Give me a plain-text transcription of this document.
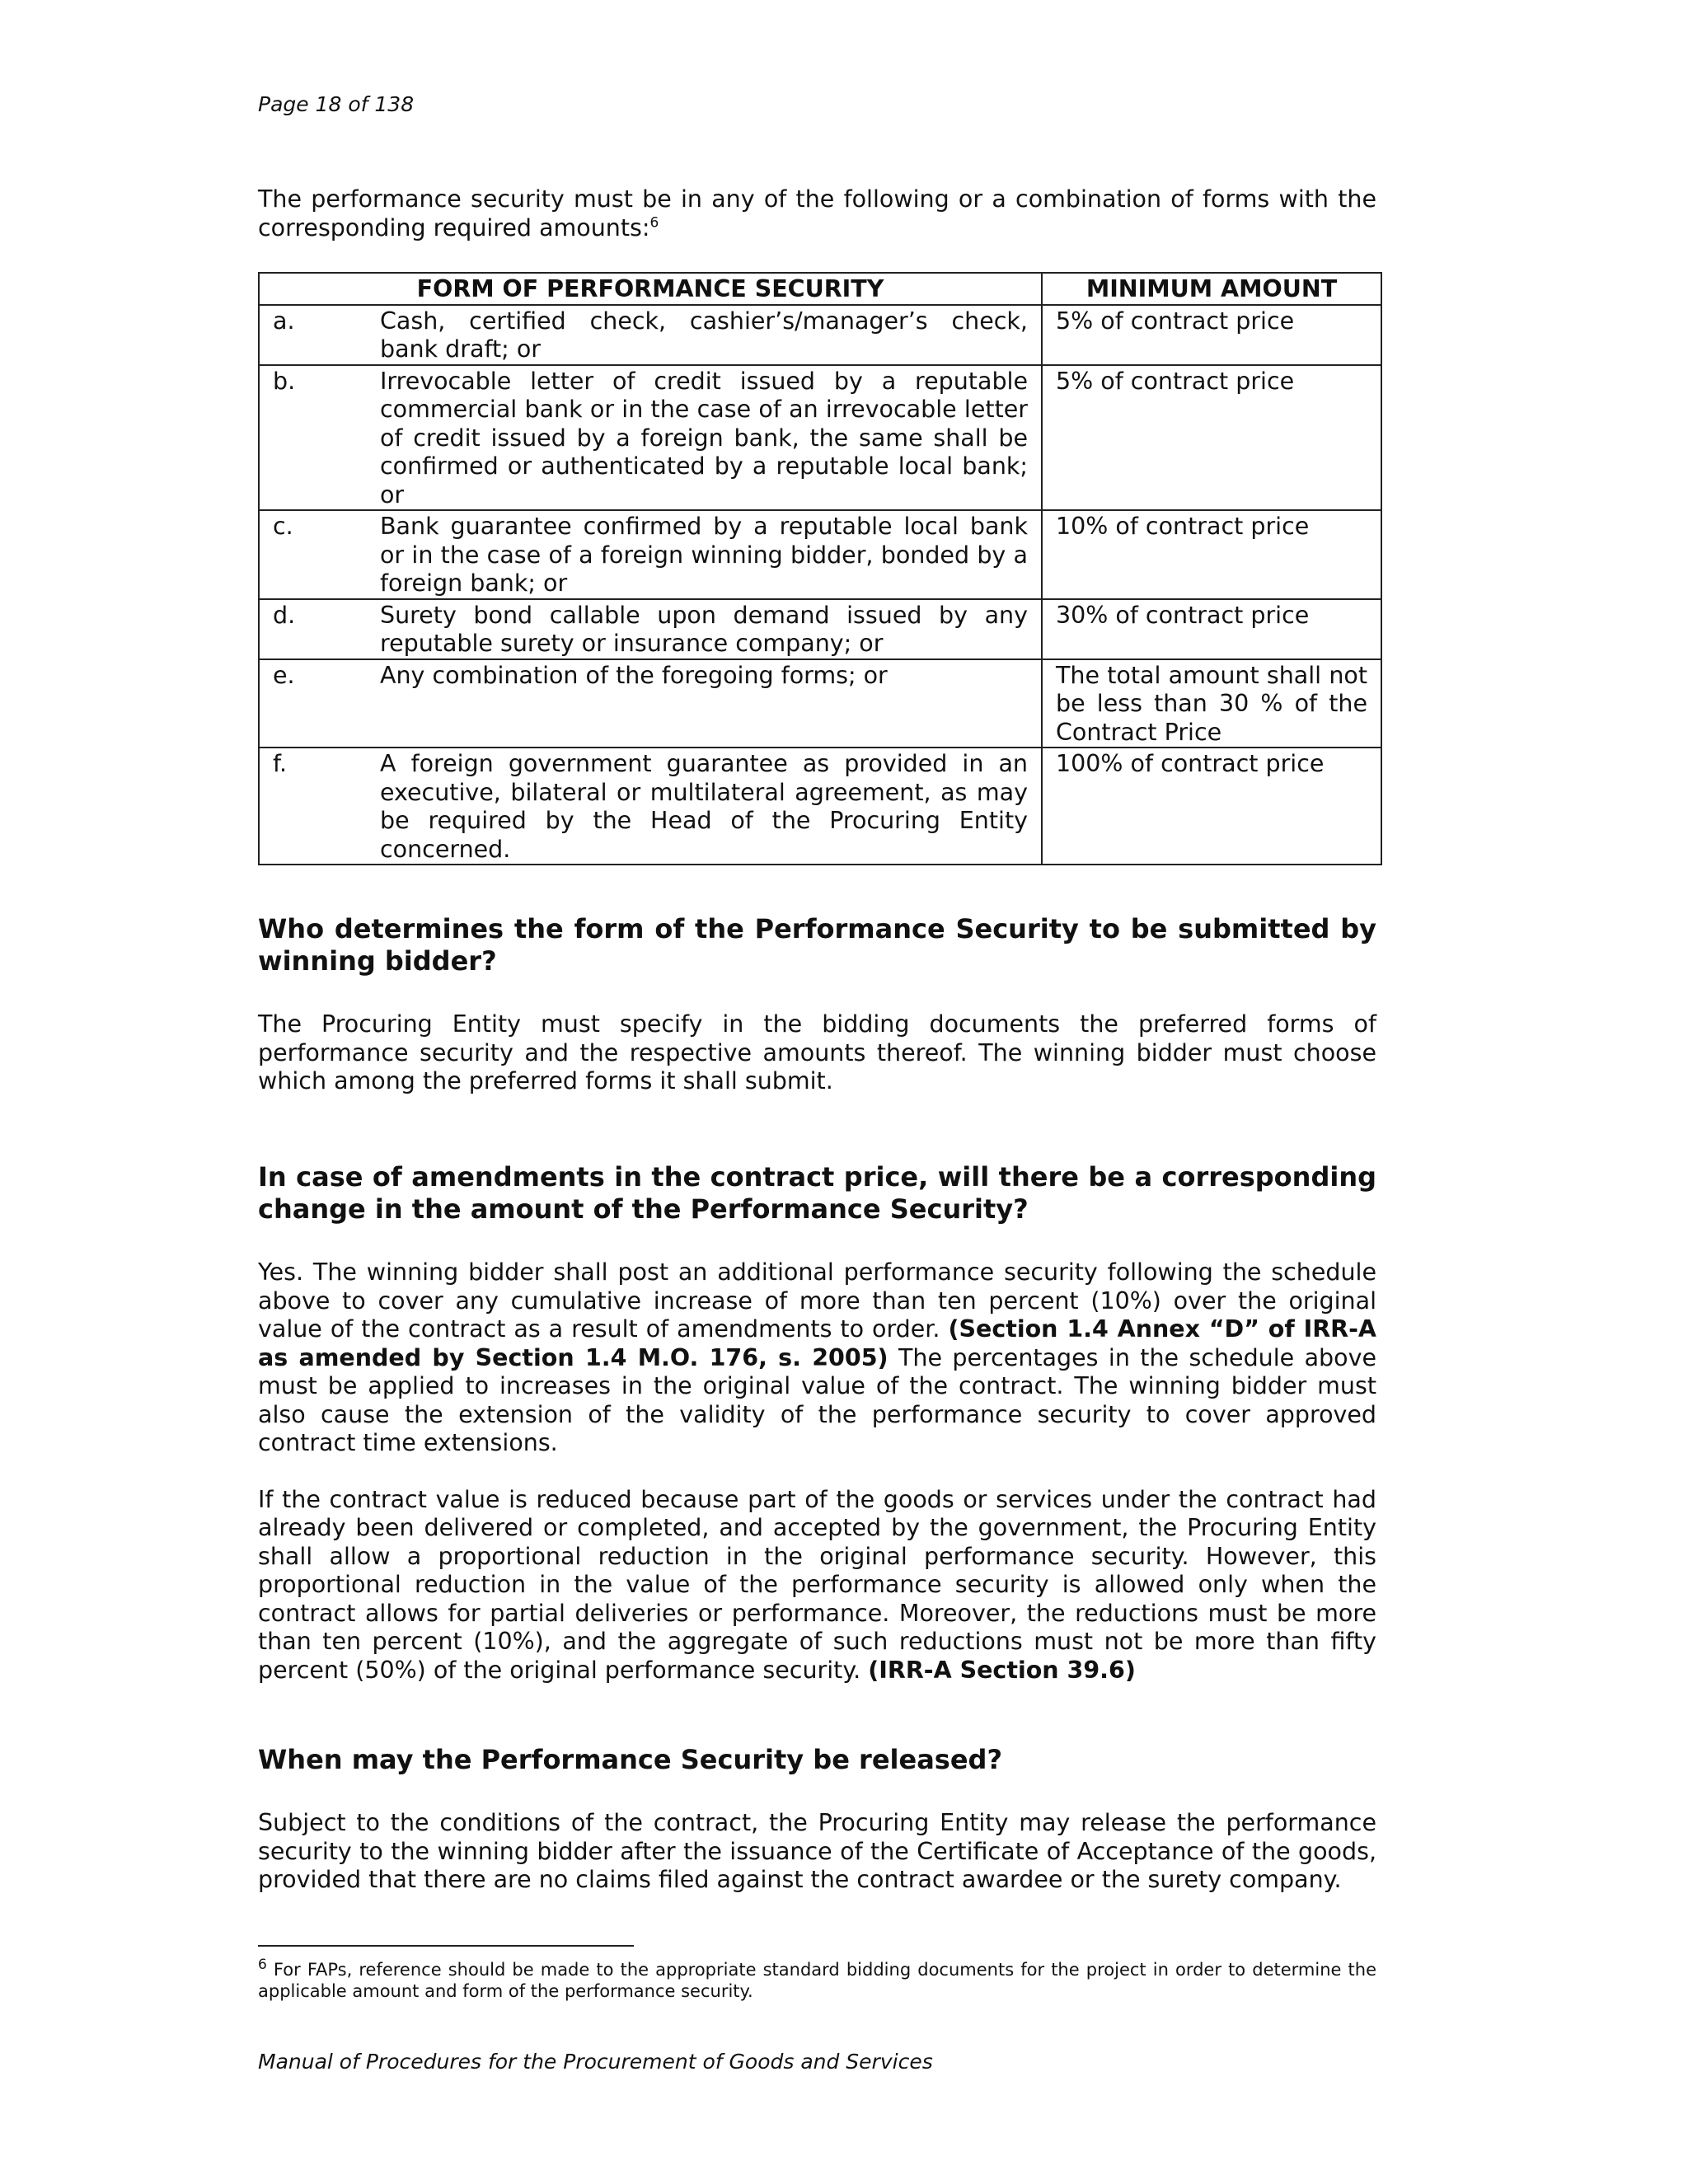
Page 18 of 138

The performance security must be in any of the following or a combination of forms with the corresponding required amounts:$^6$

FORM OF PERFORMANCE SECURITY	MINIMUM AMOUNT

a. Cash, certified check, cashier’s/manager’s check, bank draft; or	5% of contract price

b. Irrevocable letter of credit issued by a reputable commercial bank or in the case of an irrevocable letter of credit issued by a foreign bank, the same shall be confirmed or authenticated by a reputable local bank; or	5% of contract price

c. Bank guarantee confirmed by a reputable local bank or in the case of a foreign winning bidder, bonded by a foreign bank; or	10% of contract price

d. Surety bond callable upon demand issued by any reputable surety or insurance company; or	30% of contract price

e. Any combination of the foregoing forms; or	The total amount shall not be less than 30 % of the Contract Price

f. A foreign government guarantee as provided in an executive, bilateral or multilateral agreement, as may be required by the Head of the Procuring Entity concerned.	100% of contract price
Who determines the form of the Performance Security to be submitted by winning bidder?

The Procuring Entity must specify in the bidding documents the preferred forms of performance security and the respective amounts thereof. The winning bidder must choose which among the preferred forms it shall submit.

In case of amendments in the contract price, will there be a corresponding change in the amount of the Performance Security?

Yes. The winning bidder shall post an additional performance security following the schedule above to cover any cumulative increase of more than ten percent (10%) over the original value of the contract as a result of amendments to order. (Section 1.4 Annex “D” of IRR-A as amended by Section 1.4 M.O. 176, s. 2005) The percentages in the schedule above must be applied to increases in the original value of the contract. The winning bidder must also cause the extension of the validity of the performance security to cover approved contract time extensions.

If the contract value is reduced because part of the goods or services under the contract had already been delivered or completed, and accepted by the government, the Procuring Entity shall allow a proportional reduction in the original performance security. However, this proportional reduction in the value of the performance security is allowed only when the contract allows for partial deliveries or performance. Moreover, the reductions must be more than ten percent (10%), and the aggregate of such reductions must not be more than fifty percent (50%) of the original performance security. (IRR-A Section 39.6)

When may the Performance Security be released?

Subject to the conditions of the contract, the Procuring Entity may release the performance security to the winning bidder after the issuance of the Certificate of Acceptance of the goods, provided that there are no claims filed against the contract awardee or the surety company.

$^6$ For FAPs, reference should be made to the appropriate standard bidding documents for the project in order to determine the applicable amount and form of the performance security.
Manual of Procedures for the Procurement of Goods and Services
